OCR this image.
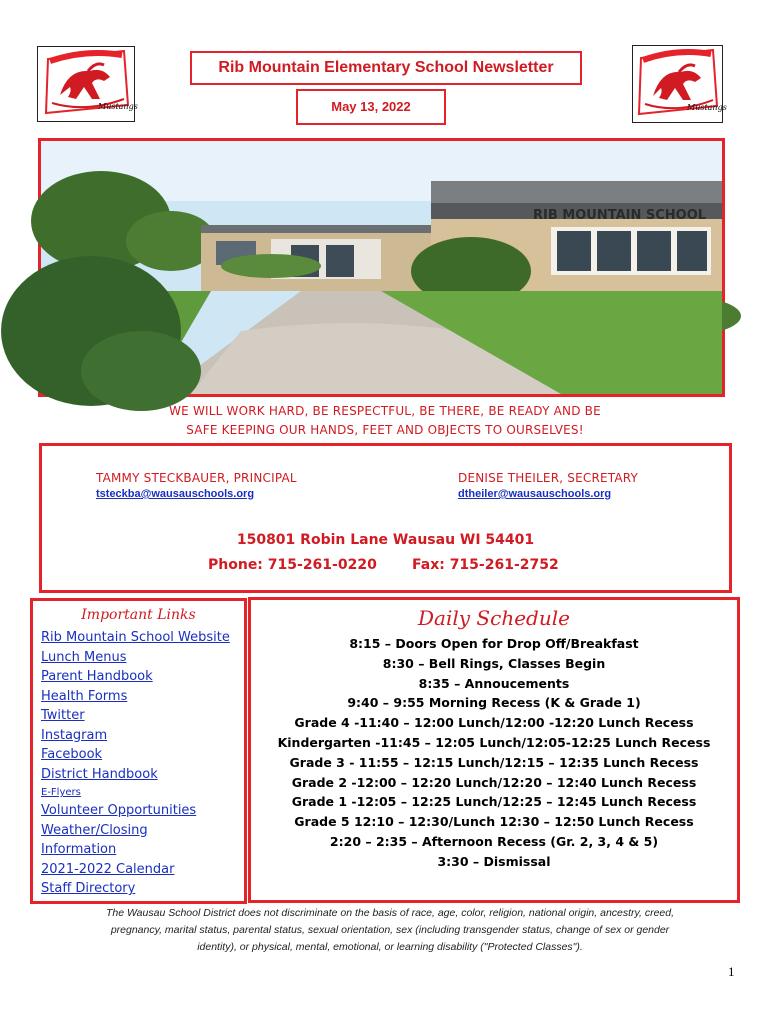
Mustangs	Mustangs
Rib Mountain Elementary School Newsletter
May 13, 2022
RIB MOUNTAIN SCHOOL
WE WILL WORK HARD, BE RESPECTFUL, BE THERE, BE READY AND BE
SAFE KEEPING OUR HANDS, FEET AND OBJECTS TO OURSELVES!
TAMMY STECKBAUER, PRINCIPAL
tsteckba@wausauschools.org
DENISE THEILER, SECRETARY
dtheiler@wausauschools.org
150801 Robin Lane Wausau WI 54401
Phone: 715-261-0220	Fax: 715-261-2752
Important Links
Rib Mountain School Website
Lunch Menus
Parent Handbook
Health Forms
Twitter
Instagram
Facebook
District Handbook
E-Flyers
Volunteer Opportunities
Weather/Closing
Information
2021-2022 Calendar
Staff Directory
Daily Schedule
8:15 – Doors Open for Drop Off/Breakfast
8:30 – Bell Rings, Classes Begin
8:35 – Annoucements
9:40 – 9:55 Morning Recess (K & Grade 1)
Grade 4 -11:40 – 12:00 Lunch/12:00 -12:20 Lunch Recess
Kindergarten -11:45 – 12:05 Lunch/12:05-12:25 Lunch Recess
Grade 3 - 11:55 – 12:15 Lunch/12:15 – 12:35 Lunch Recess
Grade 2 -12:00 – 12:20 Lunch/12:20 – 12:40 Lunch Recess
Grade 1 -12:05 – 12:25 Lunch/12:25 – 12:45 Lunch Recess
Grade 5 12:10 – 12:30/Lunch 12:30 – 12:50 Lunch Recess
2:20 – 2:35 – Afternoon Recess (Gr. 2, 3, 4 & 5)
3:30 – Dismissal
The Wausau School District does not discriminate on the basis of race, age, color, religion, national origin, ancestry, creed,
pregnancy, marital status, parental status, sexual orientation, sex (including transgender status, change of sex or gender
identity), or physical, mental, emotional, or learning disability ("Protected Classes").
1
